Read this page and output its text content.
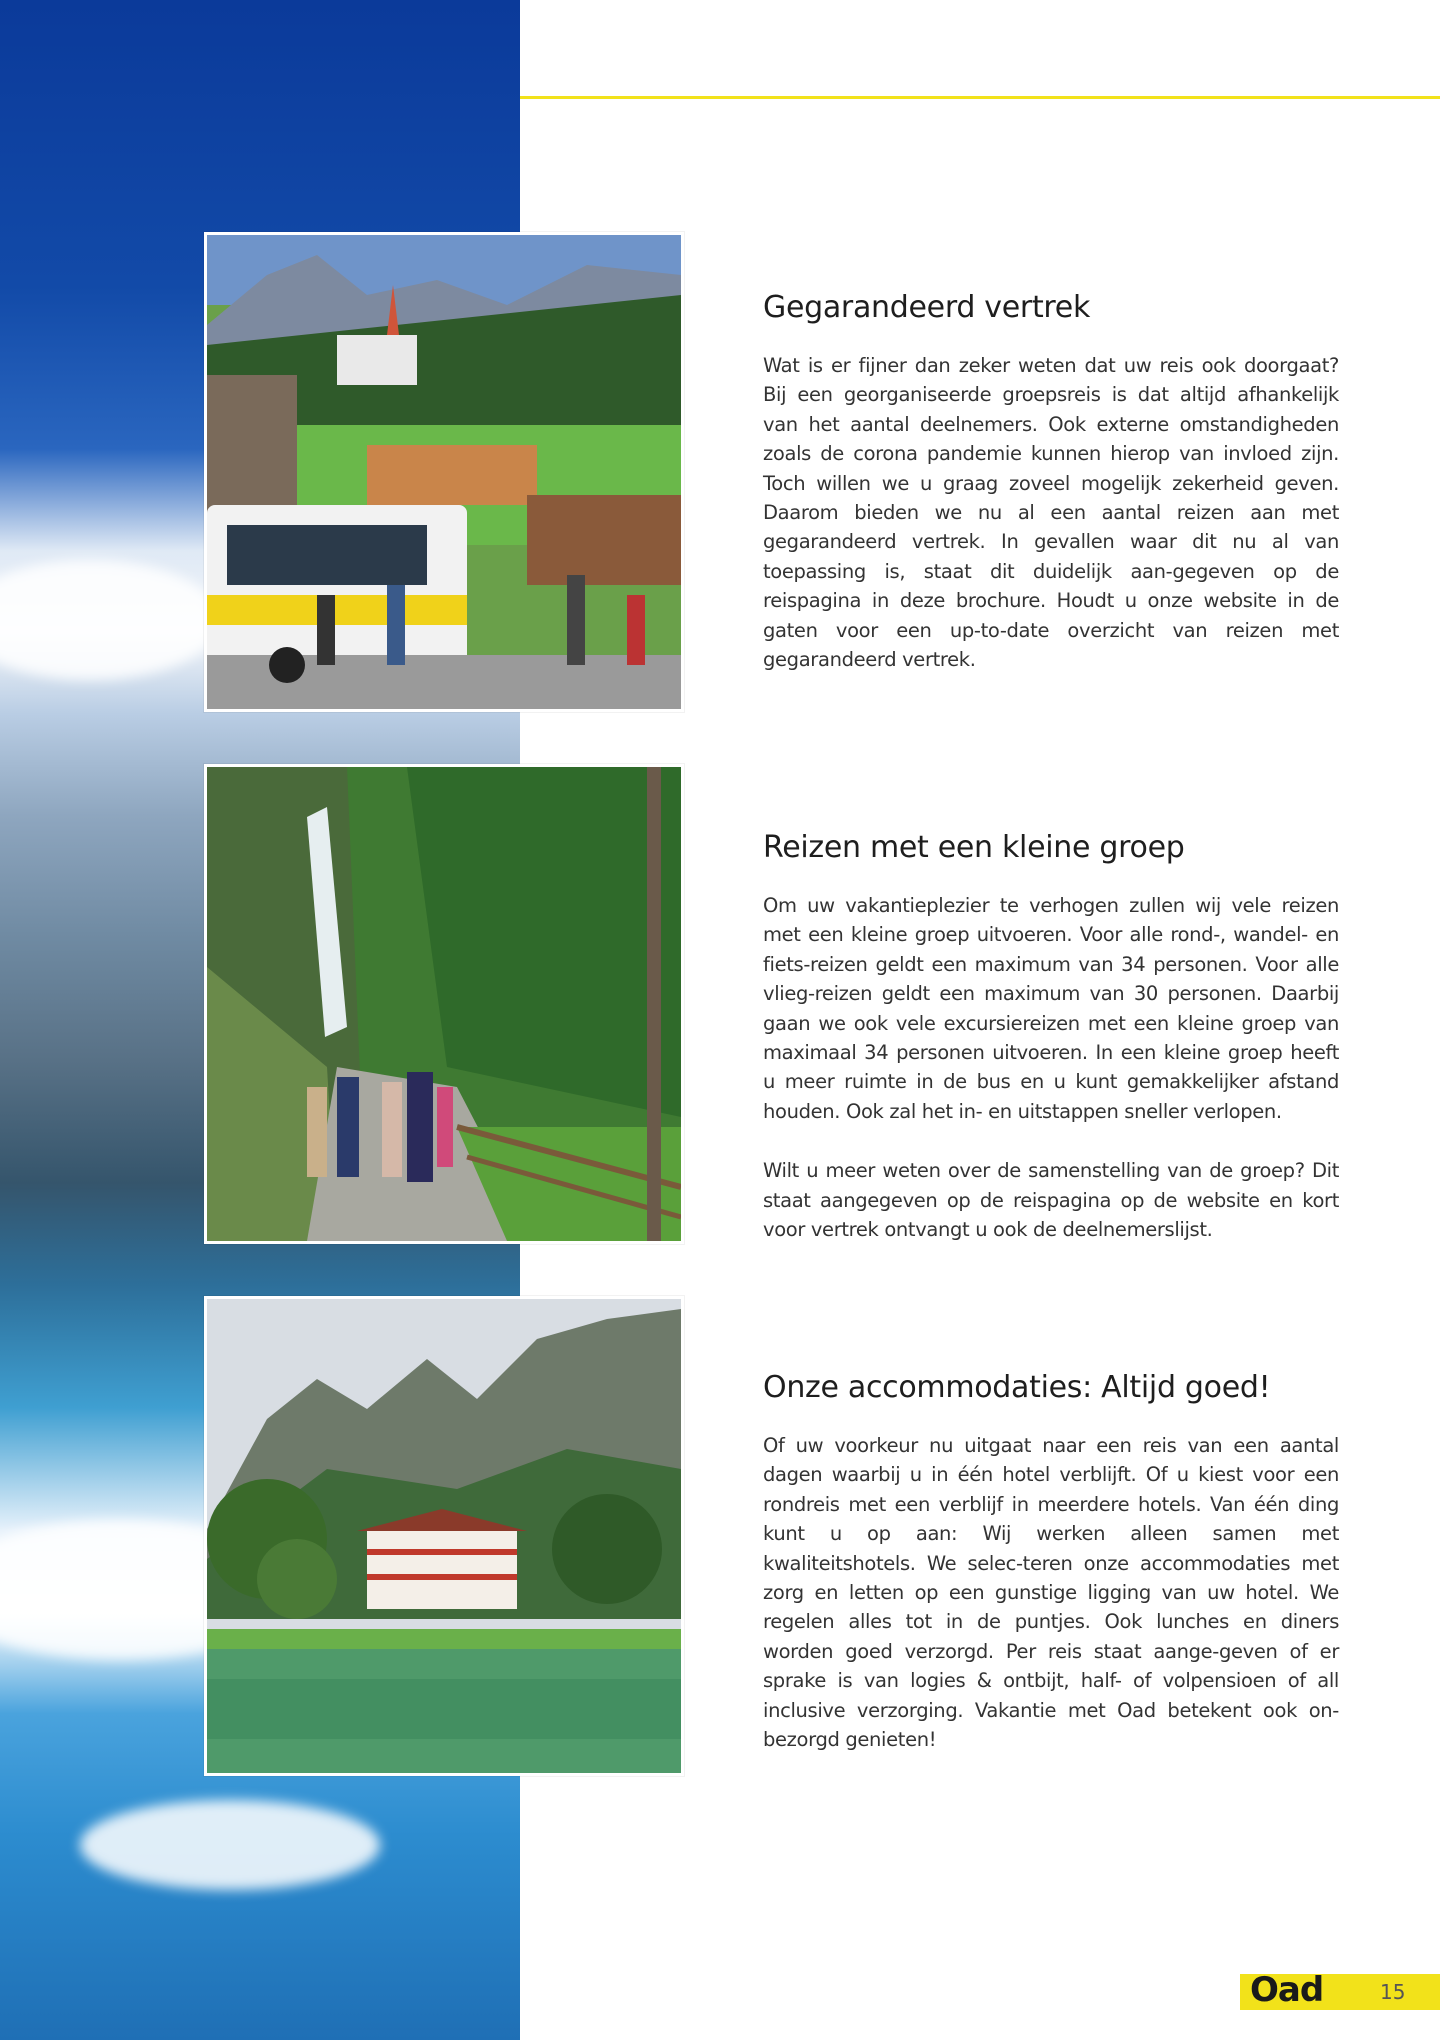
Gegarandeerd vertrek

Wat is er fijner dan zeker weten dat uw reis ook doorgaat? Bij een georganiseerde groepsreis is dat altijd afhankelijk van het aantal deelnemers. Ook externe omstandigheden zoals de corona pandemie kunnen hierop van invloed zijn. Toch willen we u graag zoveel mogelijk zekerheid geven. Daarom bieden we nu al een aantal reizen aan met gegarandeerd vertrek. In gevallen waar dit nu al van toepassing is, staat dit duidelijk aan-gegeven op de reispagina in deze brochure. Houdt u onze website in de gaten voor een up-to-date overzicht van reizen met gegarandeerd vertrek.

Reizen met een kleine groep

Om uw vakantieplezier te verhogen zullen wij vele reizen met een kleine groep uitvoeren. Voor alle rond-, wandel- en fiets-reizen geldt een maximum van 34 personen. Voor alle vlieg-reizen geldt een maximum van 30 personen. Daarbij gaan we ook vele excursiereizen met een kleine groep van maximaal 34 personen uitvoeren. In een kleine groep heeft u meer ruimte in de bus en u kunt gemakkelijker afstand houden. Ook zal het in- en uitstappen sneller verlopen.

Wilt u meer weten over de samenstelling van de groep? Dit staat aangegeven op de reispagina op de website en kort voor vertrek ontvangt u ook de deelnemerslijst.

Onze accommodaties: Altijd goed!

Of uw voorkeur nu uitgaat naar een reis van een aantal dagen waarbij u in één hotel verblijft. Of u kiest voor een rondreis met een verblijf in meerdere hotels. Van één ding kunt u op aan: Wij werken alleen samen met kwaliteitshotels. We selec-teren onze accommodaties met zorg en letten op een gunstige ligging van uw hotel. We regelen alles tot in de puntjes. Ook lunches en diners worden goed verzorgd. Per reis staat aange-geven of er sprake is van logies & ontbijt, half- of volpensioen of all inclusive verzorging. Vakantie met Oad betekent ook on-bezorgd genieten!

Oad	15
